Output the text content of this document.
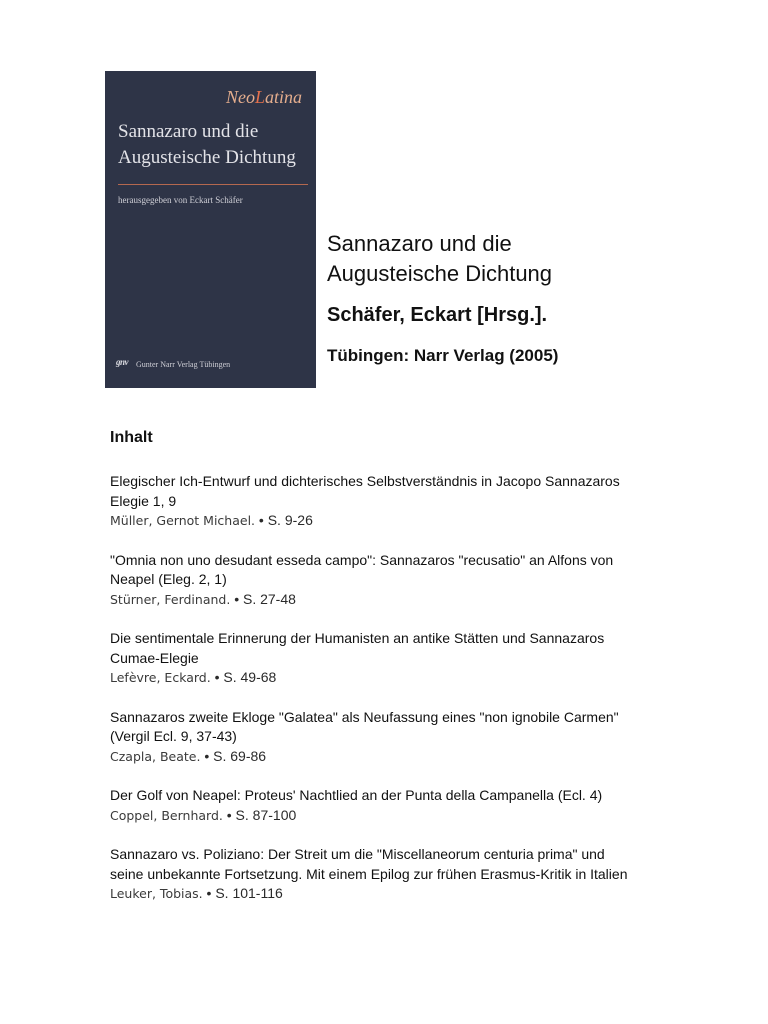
NeoLatina
Sannazaro und die
Augusteische Dichtung
herausgegeben von Eckart Schäfer
gnv Gunter Narr Verlag Tübingen
Sannazaro und die
Augusteische Dichtung
Schäfer, Eckart [Hrsg.].
Tübingen: Narr Verlag (2005)
Inhalt
Elegischer Ich-Entwurf und dichterisches Selbstverständnis in Jacopo Sannazaros
Elegie 1, 9
Müller, Gernot Michael. • S. 9-26
"Omnia non uno desudant esseda campo": Sannazaros "recusatio" an Alfons von
Neapel (Eleg. 2, 1)
Stürner, Ferdinand. • S. 27-48
Die sentimentale Erinnerung der Humanisten an antike Stätten und Sannazaros
Cumae-Elegie
Lefèvre, Eckard. • S. 49-68
Sannazaros zweite Ekloge "Galatea" als Neufassung eines "non ignobile Carmen"
(Vergil Ecl. 9, 37-43)
Czapla, Beate. • S. 69-86
Der Golf von Neapel: Proteus' Nachtlied an der Punta della Campanella (Ecl. 4)
Coppel, Bernhard. • S. 87-100
Sannazaro vs. Poliziano: Der Streit um die "Miscellaneorum centuria prima" und
seine unbekannte Fortsetzung. Mit einem Epilog zur frühen Erasmus-Kritik in Italien
Leuker, Tobias. • S. 101-116
